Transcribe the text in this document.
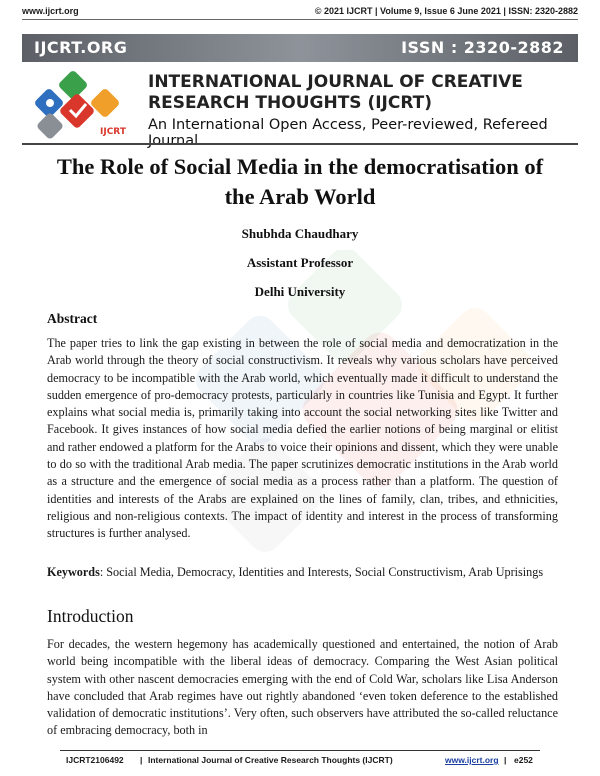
www.ijcrt.org	© 2021 IJCRT | Volume 9, Issue 6 June 2021 | ISSN: 2320-2882
IJCRT.ORG	ISSN : 2320-2882
IJCRT
INTERNATIONAL JOURNAL OF CREATIVE
RESEARCH THOUGHTS (IJCRT)
An International Open Access, Peer-reviewed, Refereed Journal
The Role of Social Media in the democratisation of
the Arab World
Shubhda Chaudhary
Assistant Professor
Delhi University
Abstract
The paper tries to link the gap existing in between the role of social media and democratization in the Arab world through the theory of social constructivism. It reveals why various scholars have perceived democracy to be incompatible with the Arab world, which eventually made it difficult to understand the sudden emergence of pro-democracy protests, particularly in countries like Tunisia and Egypt. It further explains what social media is, primarily taking into account the social networking sites like Twitter and Facebook. It gives instances of how social media defied the earlier notions of being marginal or elitist and rather endowed a platform for the Arabs to voice their opinions and dissent, which they were unable to do so with the traditional Arab media. The paper scrutinizes democratic institutions in the Arab world as a structure and the emergence of social media as a process rather than a platform. The question of identities and interests of the Arabs are explained on the lines of family, clan, tribes, and ethnicities, religious and non-religious contexts. The impact of identity and interest in the process of transforming structures is further analysed.
Keywords: Social Media, Democracy, Identities and Interests, Social Constructivism, Arab Uprisings
Introduction
For decades, the western hegemony has academically questioned and entertained, the notion of Arab world being incompatible with the liberal ideas of democracy. Comparing the West Asian political system with other nascent democracies emerging with the end of Cold War, scholars like Lisa Anderson have concluded that Arab regimes have out rightly abandoned ‘even token deference to the established validation of democratic institutions’. Very often, such observers have attributed the so-called reluctance of embracing democracy, both in
IJCRT2106492 | International Journal of Creative Research Thoughts (IJCRT)	www.ijcrt.org | e252
